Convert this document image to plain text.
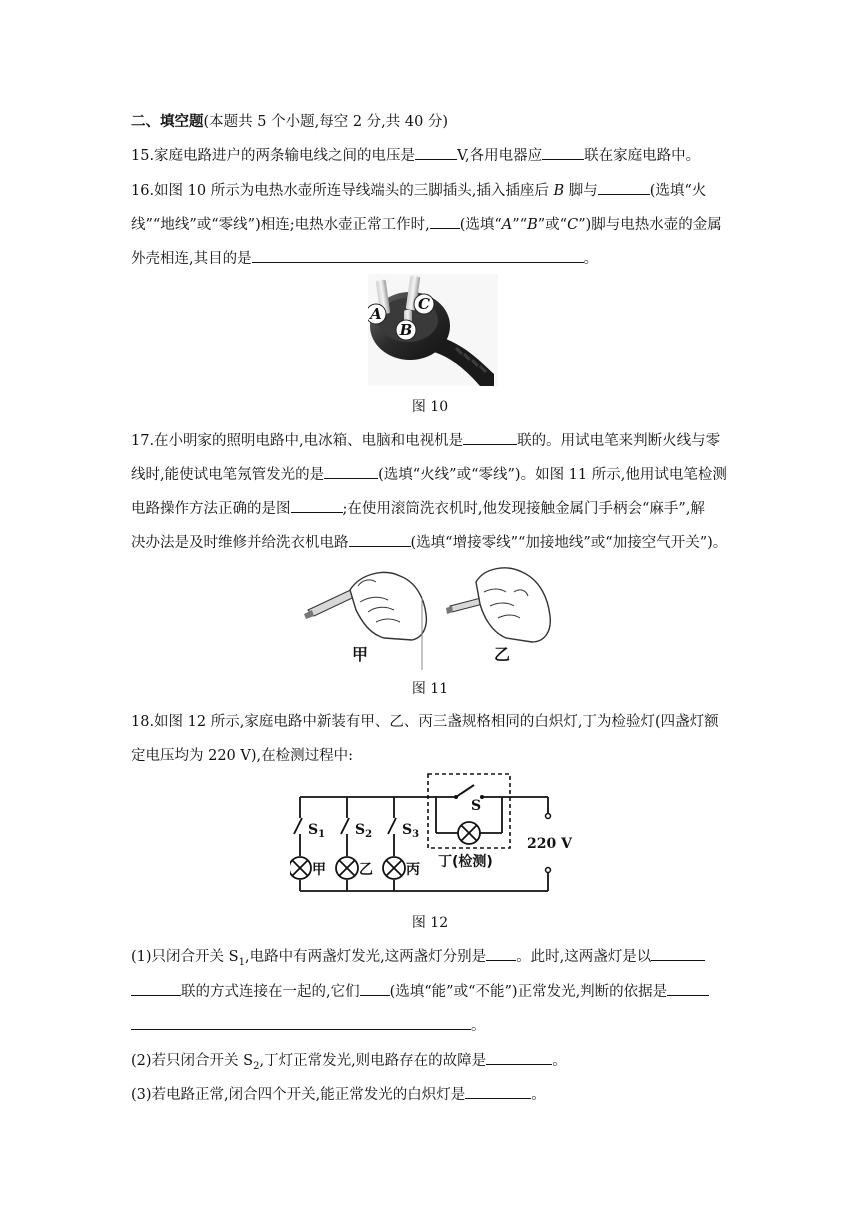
二、填空题(本题共 5 个小题,每空 2 分,共 40 分)
15.家庭电路进户的两条输电线之间的电压是	V,各用电器应	联在家庭电路中。
16.如图 10 所示为电热水壶所连导线端头的三脚插头,插入插座后 B 脚与	(选填“火
线”“地线”或“零线”)相连;电热水壶正常工作时, (选填“A”“B”或“C”)脚与电热水壶的金属
外壳相连,其目的是	。
A
B
C
图 10
17.在小明家的照明电路中,电冰箱、电脑和电视机是	联的。用试电笔来判断火线与零
线时,能使试电笔氖管发光的是	(选填“火线”或“零线”)。如图 11 所示,他用试电笔检测
电路操作方法正确的是图	;在使用滚筒洗衣机时,他发现接触金属门手柄会“麻手”,解
决办法是及时维修并给洗衣机电路	(选填“增接零线”“加接地线”或“加接空气开关”)。
甲	乙
图 11
18.如图 12 所示,家庭电路中新装有甲、乙、丙三盏规格相同的白炽灯,丁为检验灯(四盏灯额
定电压均为 220 V),在检测过程中:
$S_1$ $S_2$ $S_3$
S
220 V
甲 乙 丙 丁(检测)
图 12
(1)只闭合开关 $S_1$,电路中有两盏灯发光,这两盏灯分别是 。此时,这两盏灯是以
联的方式连接在一起的,它们 (选填“能”或“不能”)正常发光,判断的依据是
。
(2)若只闭合开关 $S_2$,丁灯正常发光,则电路存在的故障是	。
(3)若电路正常,闭合四个开关,能正常发光的白炽灯是	。
